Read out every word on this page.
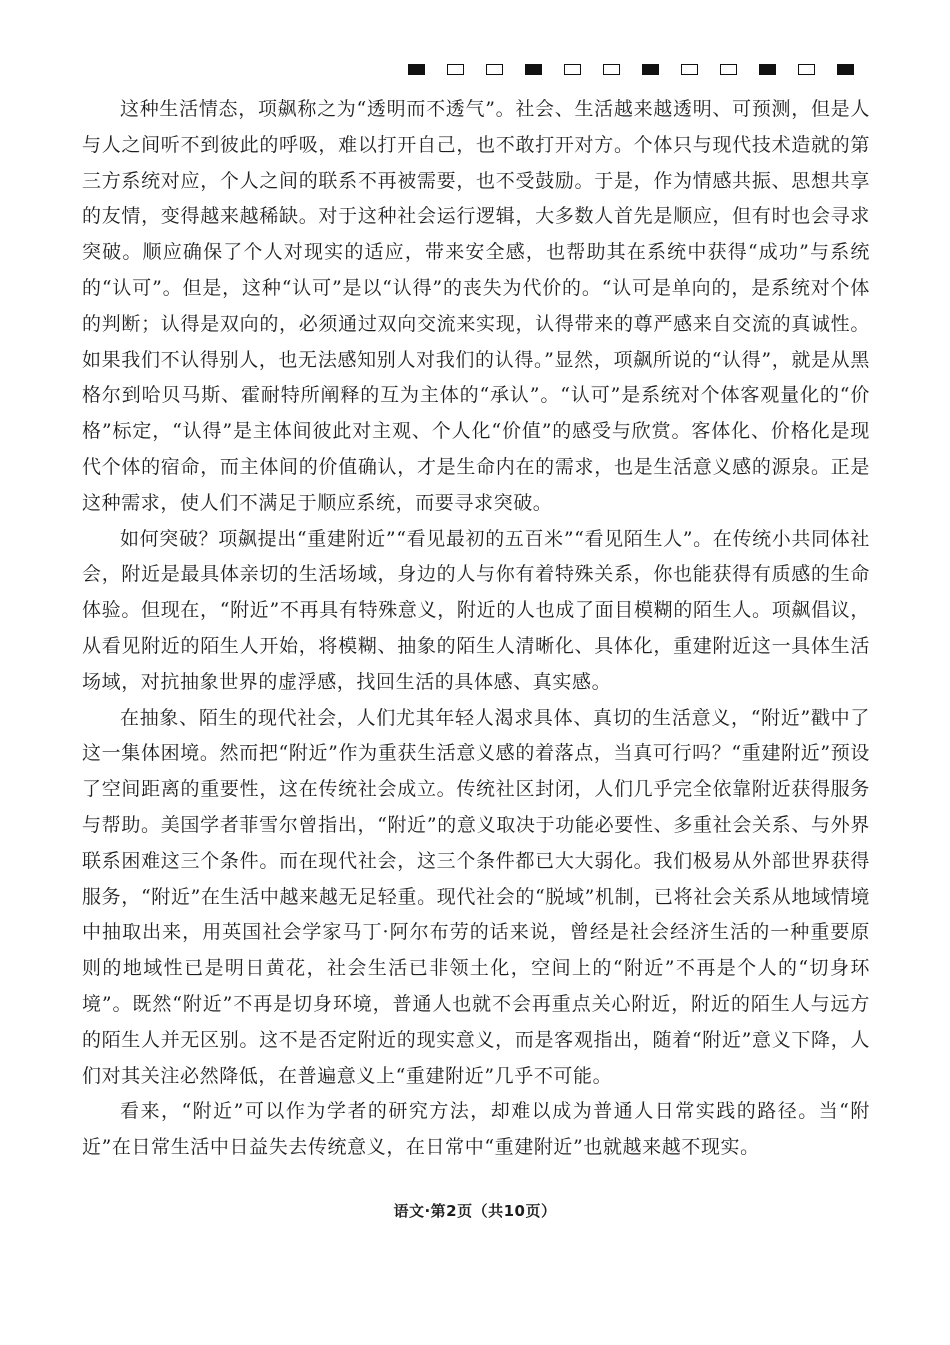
这种生活情态，项飙称之为“透明而不透气”。社会、生活越来越透明、可预测，但是人与人之间听不到彼此的呼吸，难以打开自己，也不敢打开对方。个体只与现代技术造就的第三方系统对应，个人之间的联系不再被需要，也不受鼓励。于是，作为情感共振、思想共享的友情，变得越来越稀缺。对于这种社会运行逻辑，大多数人首先是顺应，但有时也会寻求突破。顺应确保了个人对现实的适应，带来安全感，也帮助其在系统中获得“成功”与系统的“认可”。但是，这种“认可”是以“认得”的丧失为代价的。“认可是单向的，是系统对个体的判断；认得是双向的，必须通过双向交流来实现，认得带来的尊严感来自交流的真诚性。如果我们不认得别人，也无法感知别人对我们的认得。”显然，项飙所说的“认得”，就是从黑格尔到哈贝马斯、霍耐特所阐释的互为主体的“承认”。“认可”是系统对个体客观量化的“价格”标定，“认得”是主体间彼此对主观、个人化“价值”的感受与欣赏。客体化、价格化是现代个体的宿命，而主体间的价值确认，才是生命内在的需求，也是生活意义感的源泉。正是这种需求，使人们不满足于顺应系统，而要寻求突破。

如何突破？项飙提出“重建附近”“看见最初的五百米”“看见陌生人”。在传统小共同体社会，附近是最具体亲切的生活场域，身边的人与你有着特殊关系，你也能获得有质感的生命体验。但现在，“附近”不再具有特殊意义，附近的人也成了面目模糊的陌生人。项飙倡议，从看见附近的陌生人开始，将模糊、抽象的陌生人清晰化、具体化，重建附近这一具体生活场域，对抗抽象世界的虚浮感，找回生活的具体感、真实感。

在抽象、陌生的现代社会，人们尤其年轻人渴求具体、真切的生活意义，“附近”戳中了这一集体困境。然而把“附近”作为重获生活意义感的着落点，当真可行吗？“重建附近”预设了空间距离的重要性，这在传统社会成立。传统社区封闭，人们几乎完全依靠附近获得服务与帮助。美国学者菲雪尔曾指出，“附近”的意义取决于功能必要性、多重社会关系、与外界联系困难这三个条件。而在现代社会，这三个条件都已大大弱化。我们极易从外部世界获得服务，“附近”在生活中越来越无足轻重。现代社会的“脱域”机制，已将社会关系从地域情境中抽取出来，用英国社会学家马丁·阿尔布劳的话来说，曾经是社会经济生活的一种重要原则的地域性已是明日黄花，社会生活已非领土化，空间上的“附近”不再是个人的“切身环境”。既然“附近”不再是切身环境，普通人也就不会再重点关心附近，附近的陌生人与远方的陌生人并无区别。这不是否定附近的现实意义，而是客观指出，随着“附近”意义下降，人们对其关注必然降低，在普遍意义上“重建附近”几乎不可能。

看来，“附近”可以作为学者的研究方法，却难以成为普通人日常实践的路径。当“附近”在日常生活中日益失去传统意义，在日常中“重建附近”也就越来越不现实。

语文·第2页（共10页）
